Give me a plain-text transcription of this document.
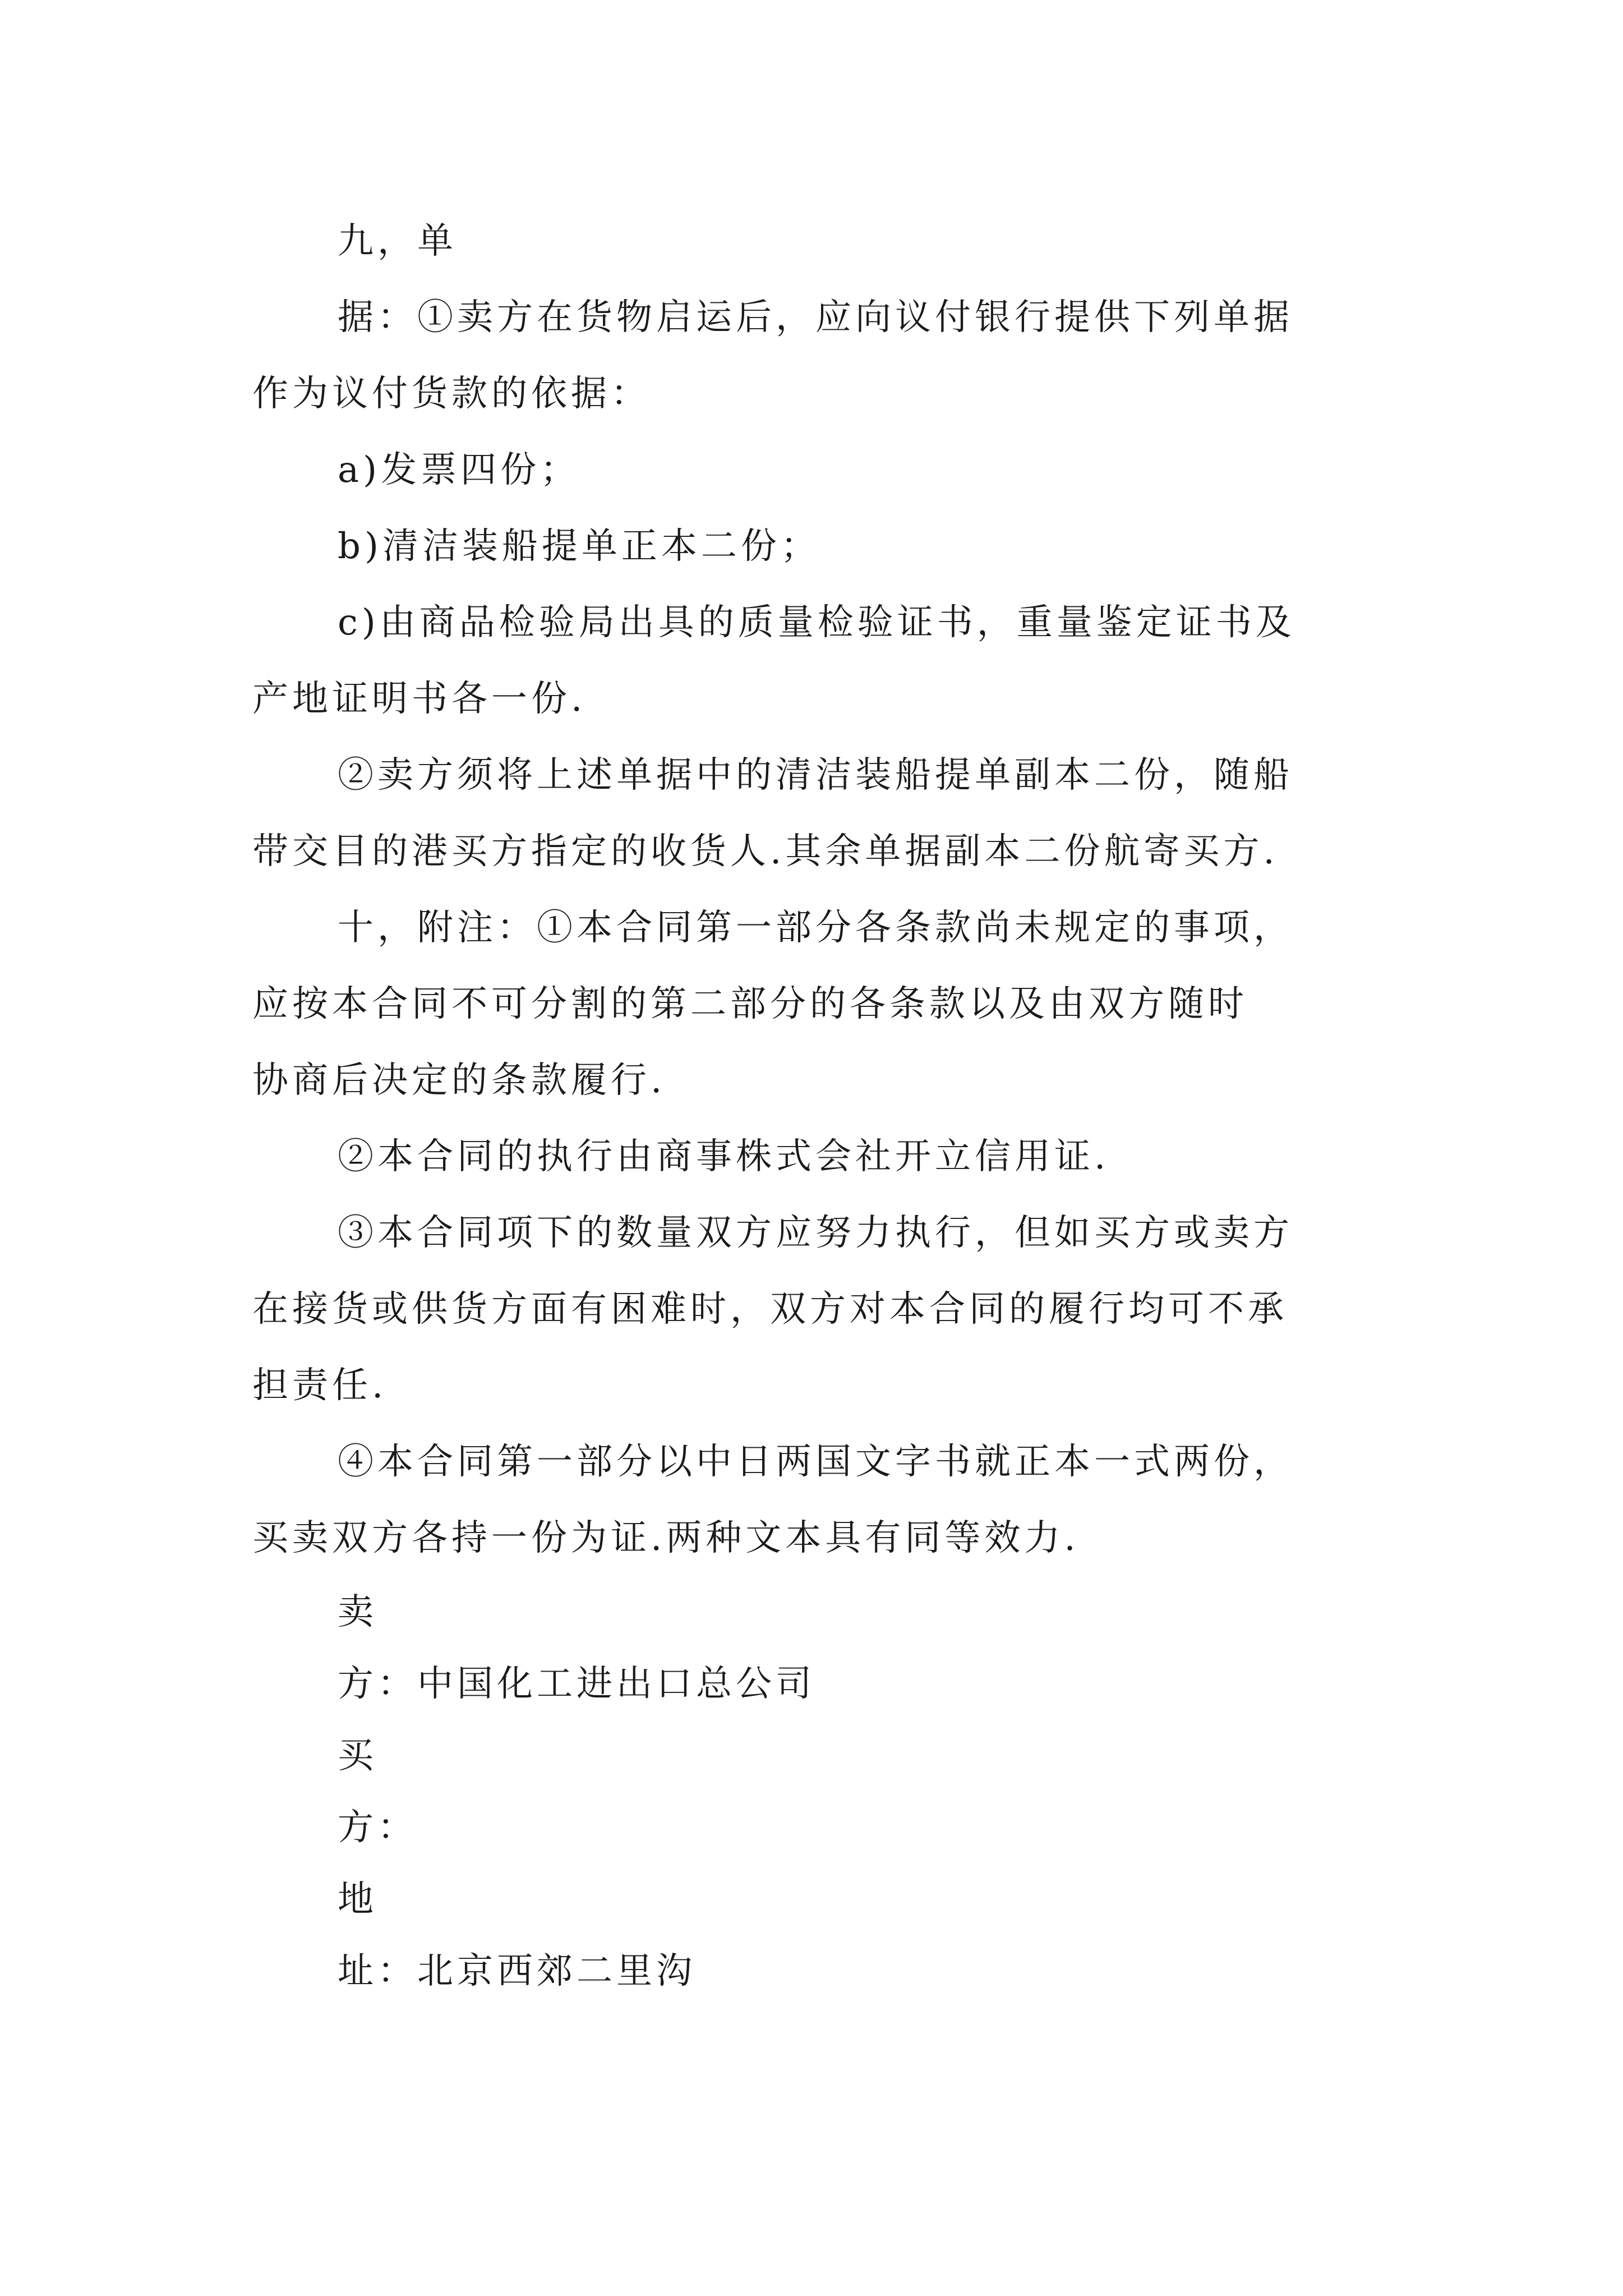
九，单

据：①卖方在货物启运后，应向议付银行提供下列单据
作为议付货款的依据：

a)发票四份；

b)清洁装船提单正本二份；

c)由商品检验局出具的质量检验证书，重量鉴定证书及
产地证明书各一份.

②卖方须将上述单据中的清洁装船提单副本二份，随船
带交目的港买方指定的收货人.其余单据副本二份航寄买方.

十，附注：①本合同第一部分各条款尚未规定的事项，
应按本合同不可分割的第二部分的各条款以及由双方随时
协商后决定的条款履行.

②本合同的执行由商事株式会社开立信用证.

③本合同项下的数量双方应努力执行，但如买方或卖方
在接货或供货方面有困难时，双方对本合同的履行均可不承
担责任.

④本合同第一部分以中日两国文字书就正本一式两份，
买卖双方各持一份为证.两种文本具有同等效力.

卖

方：中国化工进出口总公司

买

方：

地

址：北京西郊二里沟
